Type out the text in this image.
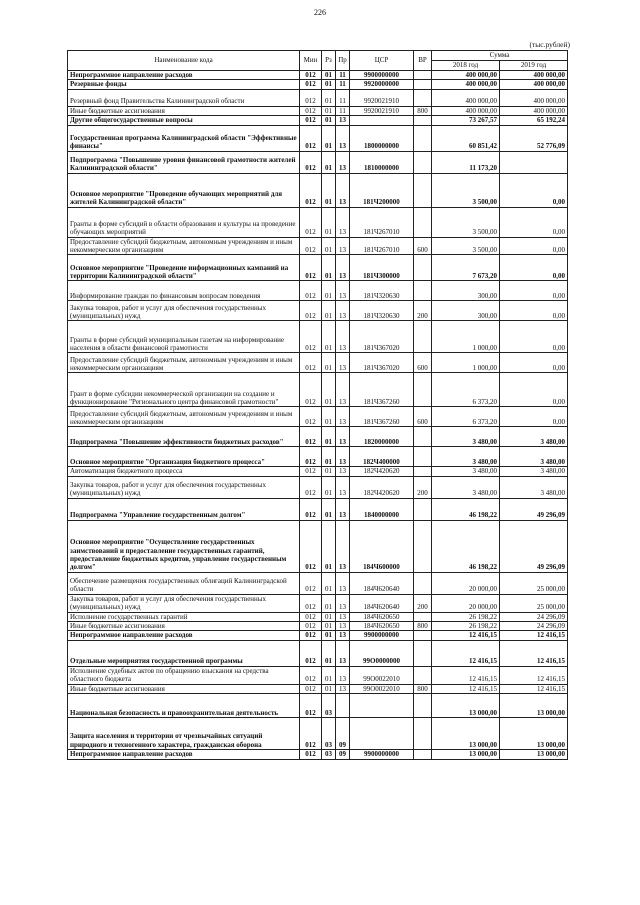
226
(тыс.рублей)
Наименование кода	Мин	Рз	Пр	ЦСР	ВР	Сумма	
						2018 год	2019 год
Непрограммное направление расходов	012	01	11	9900000000		400 000,00	400 000,00
Резервные фонды	012	01	11	9920000000		400 000,00	400 000,00
Резервный фонд Правительства Калининградской области	012	01	11	9920021910		400 000,00	400 000,00
Иные бюджетные ассигнования	012	01	11	9920021910	800	400 000,00	400 000,00
Другие общегосударственные вопросы	012	01	13			73 267,57	65 192,24
Государственная программа Калининградской области "Эффективные финансы"	012	01	13	1800000000		60 851,42	52 776,09
Подпрограмма "Повышение уровня финансовой грамотности жителей Калининградской области"	012	01	13	1810000000		11 173,20	
Основное мероприятие "Проведение обучающих мероприятий для жителей Калининградской области"	012	01	13	181Ч200000		3 500,00	0,00
Гранты в форме субсидий в области образования и культуры на проведение обучающих мероприятий	012	01	13	181Ч267010		3 500,00	0,00
Предоставление субсидий бюджетным, автономным учреждениям и иным некоммерческим организациям	012	01	13	181Ч267010	600	3 500,00	0,00
Основное мероприятие "Проведение информационных кампаний на территории Калининградской области"	012	01	13	181Ч300000		7 673,20	0,00
Информирование граждан по финансовым вопросам поведения	012	01	13	181Ч320630		300,00	0,00
Закупка товаров, работ и услуг для обеспечения государственных (муниципальных) нужд	012	01	13	181Ч320630	200	300,00	0,00
Гранты в форме субсидий муниципальным газетам на информирование населения в области финансовой грамотности	012	01	13	181Ч367020		1 000,00	0,00
Предоставление субсидий бюджетным, автономным учреждениям и иным некоммерческим организациям	012	01	13	181Ч367020	600	1 000,00	0,00
Грант в форме субсидии некоммерческой организации на создание и функционирование "Регионального центра финансовой грамотности"	012	01	13	181Ч367260		6 373,20	0,00
Предоставление субсидий бюджетным, автономным учреждениям и иным некоммерческим организациям	012	01	13	181Ч367260	600	6 373,20	0,00
Подпрограмма "Повышение эффективности бюджетных расходов"	012	01	13	1820000000		3 480,00	3 480,00
Основное мероприятие "Организация бюджетного процесса"	012	01	13	182Ч400000		3 480,00	3 480,00
Автоматизация бюджетного процесса	012	01	13	182Ч420620		3 480,00	3 480,00
Закупка товаров, работ и услуг для обеспечения государственных (муниципальных) нужд	012	01	13	182Ч420620	200	3 480,00	3 480,00
Подпрограмма "Управление государственным долгом"	012	01	13	1840000000		46 198,22	49 296,09
Основное мероприятие "Осуществление государственных заимствований и предоставление государственных гарантий, предоставление бюджетных кредитов, управление государственным долгом"	012	01	13	184Ч600000		46 198,22	49 296,09
Обеспечение размещения государственных облигаций Калининградской области	012	01	13	184Ч620640		20 000,00	25 000,00
Закупка товаров, работ и услуг для обеспечения государственных (муниципальных) нужд	012	01	13	184Ч620640	200	20 000,00	25 000,00
Исполнение государственных гарантий	012	01	13	184Ч620650		26 198,22	24 296,09
Иные бюджетные ассигнования	012	01	13	184Ч620650	800	26 198,22	24 296,09
Непрограммное направление расходов	012	01	13	9900000000		12 416,15	12 416,15
Отдельные мероприятия государственной программы	012	01	13	99O0000000		12 416,15	12 416,15
Исполнение судебных актов по обращению взыскания на средства областного бюджета	012	01	13	99O0022010		12 416,15	12 416,15
Иные бюджетные ассигнования	012	01	13	99O0022010	800	12 416,15	12 416,15
Национальная безопасность и правоохранительная деятельность	012	03				13 000,00	13 000,00
Защита населения и территории от чрезвычайных ситуаций природного и техногенного характера, гражданская оборона	012	03	09			13 000,00	13 000,00
Непрограммное направление расходов	012	03	09	9900000000		13 000,00	13 000,00
